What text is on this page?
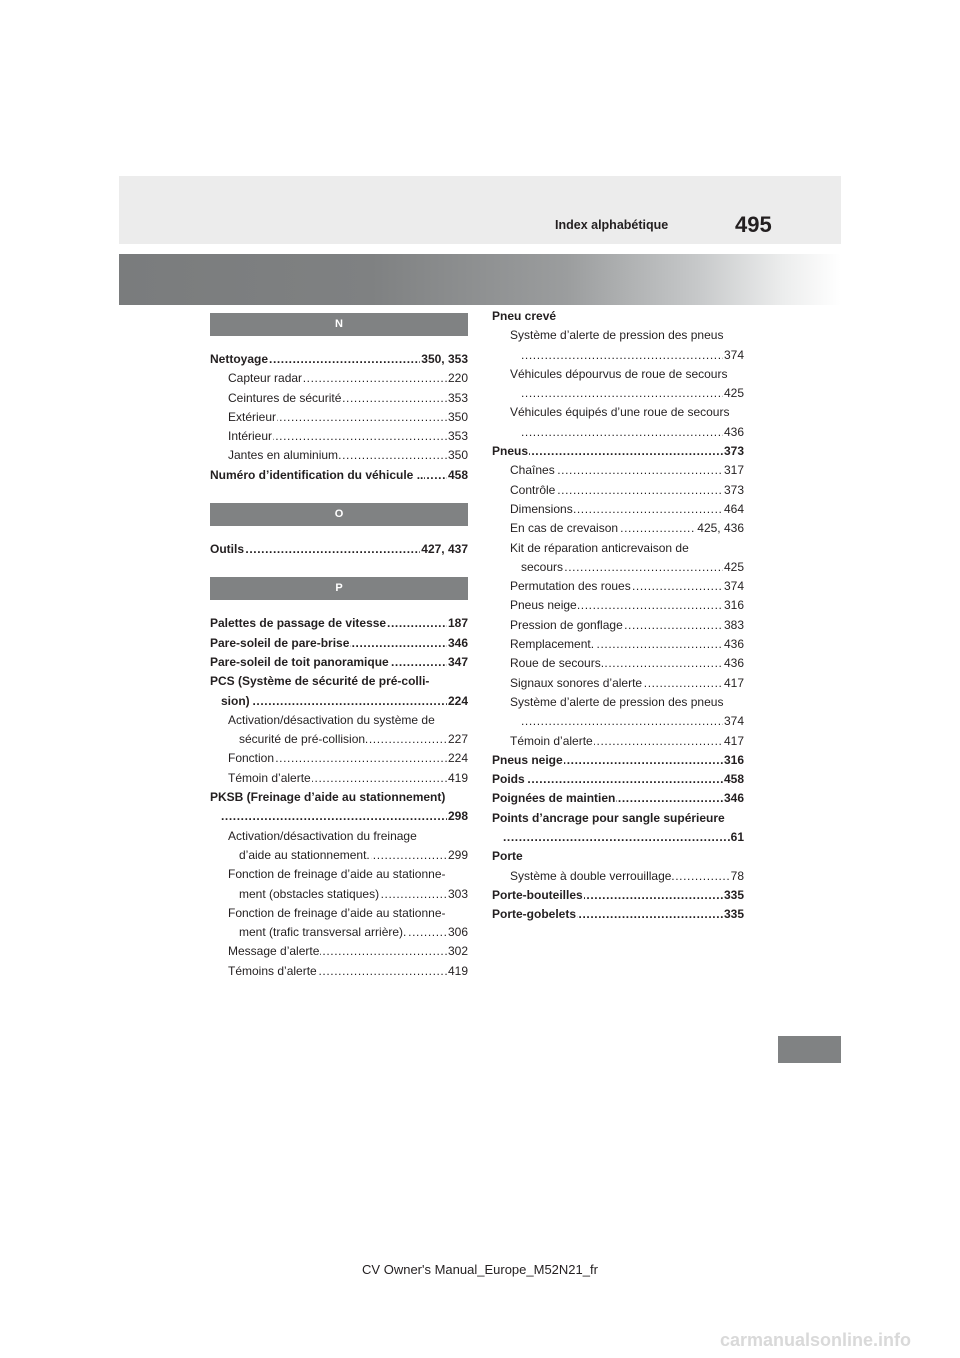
Index alphabétique	495
N
.....
Nettoyage	350, 353
.....
Capteur radar	220
.....
Ceintures de sécurité	353
.....
Extérieur	350
.....
Intérieur	353
.....
Jantes en aluminium	350
.....
Numéro d’identification du véhicule .. 458
O
.....
Outils	427, 437
P
.....
Palettes de passage de vitesse	187
.....
Pare-soleil de pare-brise	346
.....
Pare-soleil de toit panoramique	347
PCS (Système de sécurité de pré-colli-
.....
sion)	224
Activation/désactivation du système de
.....
sécurité de pré-collision	227
.....
Fonction	224
.....
Témoin d’alerte	419
PKSB (Freinage d’aide au stationnement)
.....
298
Activation/désactivation du freinage
.....
d’aide au stationnement.	299
Fonction de freinage d’aide au stationne-
.....
ment (obstacles statiques)	303
Fonction de freinage d’aide au stationne-
.....
ment (trafic transversal arrière).	306
.....
Message d’alerte	302
.....
Témoins d’alerte	419
Pneu crevé
Système d’alerte de pression des pneus
.....
374
Véhicules dépourvus de roue de secours
.....
425
Véhicules équipés d’une roue de secours
.....
436
.....
Pneus	373
.....
Chaînes	317
.....
Contrôle	373
.....
Dimensions	464
.....
En cas de crevaison	425, 436
Kit de réparation anticrevaison de
.....
secours	425
.....
Permutation des roues	374
.....
Pneus neige	316
.....
Pression de gonflage	383
.....
Remplacement.	436
.....
Roue de secours.	436
.....
Signaux sonores d’alerte	417
Système d’alerte de pression des pneus
.....
374
.....
Témoin d’alerte	417
.....
Pneus neige	316
.....
Poids	458
.....
Poignées de maintien	346
Points d’ancrage pour sangle supérieure
.....
61
Porte
.....
Système à double verrouillage	78
.....
Porte-bouteilles	335
.....
Porte-gobelets	335
CV Owner's Manual_Europe_M52N21_fr
carmanualsonline.info
